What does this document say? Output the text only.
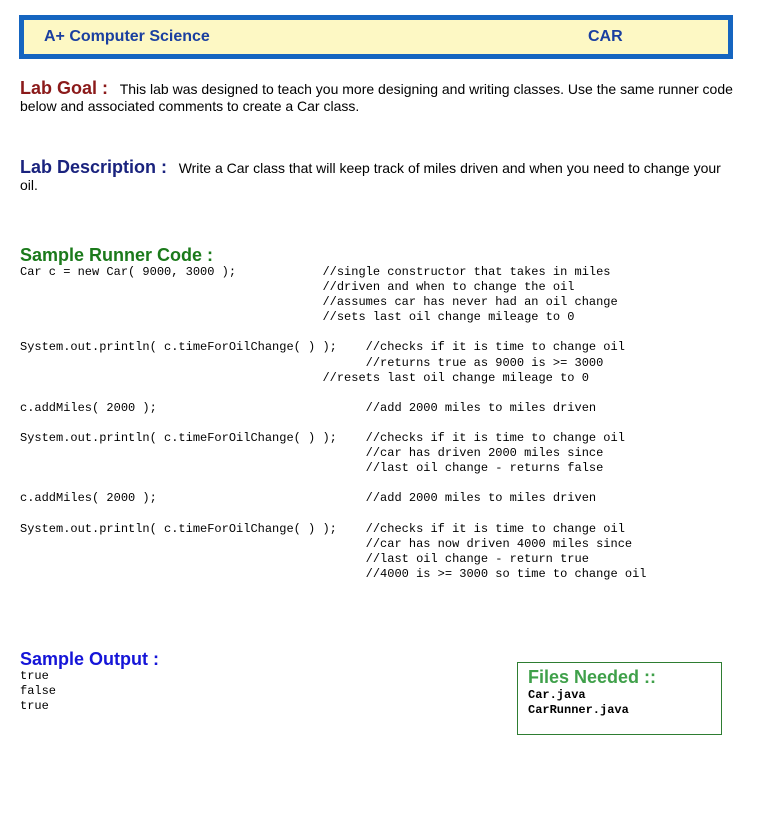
A+ Computer Science	CAR
Lab Goal : This lab was designed to teach you more designing and writing classes. Use the same runner code below and associated comments to create a Car class.
Lab Description : Write a Car class that will keep track of miles driven and when you need to change your oil.
Sample Runner Code :
Car c = new Car( 9000, 3000 );            //single constructor that takes in miles
//driven and when to change the oil
//assumes car has never had an oil change
//sets last oil change mileage to 0

System.out.println( c.timeForOilChange( ) );    //checks if it is time to change oil
//returns true as 9000 is >= 3000
//resets last oil change mileage to 0

c.addMiles( 2000 );                             //add 2000 miles to miles driven

System.out.println( c.timeForOilChange( ) );    //checks if it is time to change oil
//car has driven 2000 miles since
//last oil change - returns false

c.addMiles( 2000 );                             //add 2000 miles to miles driven

System.out.println( c.timeForOilChange( ) );    //checks if it is time to change oil
//car has now driven 4000 miles since
//last oil change - return true
//4000 is >= 3000 so time to change oil
Sample Output :
true
false
true
Files Needed ::
Car.java
CarRunner.java
